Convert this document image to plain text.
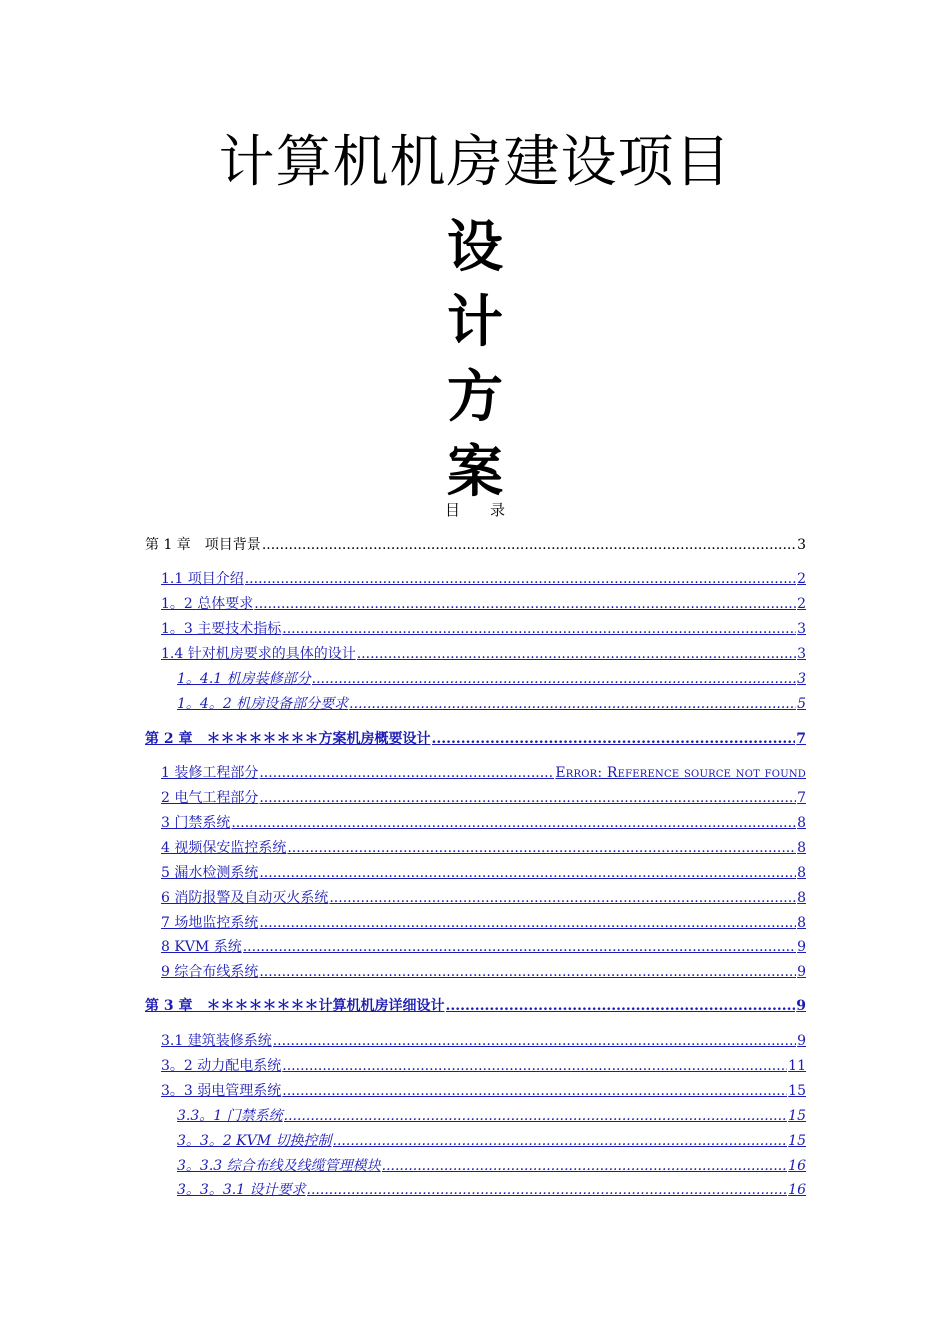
计算机机房建设项目
设
计
方
案
目　　录
第 1 章　项目背景 .....	3
1.1 项目介绍 .....	2
1。2 总体要求 .....	2
1。3 主要技术指标 .....	3
1.4 针对机房要求的具体的设计 .....	3
1。4.1 机房装修部分 .....	3
1。4。2 机房设备部分要求 .....	5
第 2 章　＊＊＊＊＊＊＊＊方案机房概要设计 .....	7
1 装修工程部分 .....	Error: Reference source not found
2 电气工程部分 .....	7
3 门禁系统 .....	8
4 视频保安监控系统 .....	8
5 漏水检测系统 .....	8
6 消防报警及自动灭火系统 .....	8
7 场地监控系统 .....	8
8 KVM 系统 .....	9
9 综合布线系统 .....	9
第 3 章　＊＊＊＊＊＊＊＊计算机机房详细设计 .....	9
3.1 建筑装修系统 .....	9
3。2 动力配电系统 .....	11
3。3 弱电管理系统 .....	15
3.3。1 门禁系统 .....	15
3。3。2 KVM 切换控制 .....	15
3。3.3 综合布线及线缆管理模块 .....	16
3。3。3.1 设计要求 .....	16
